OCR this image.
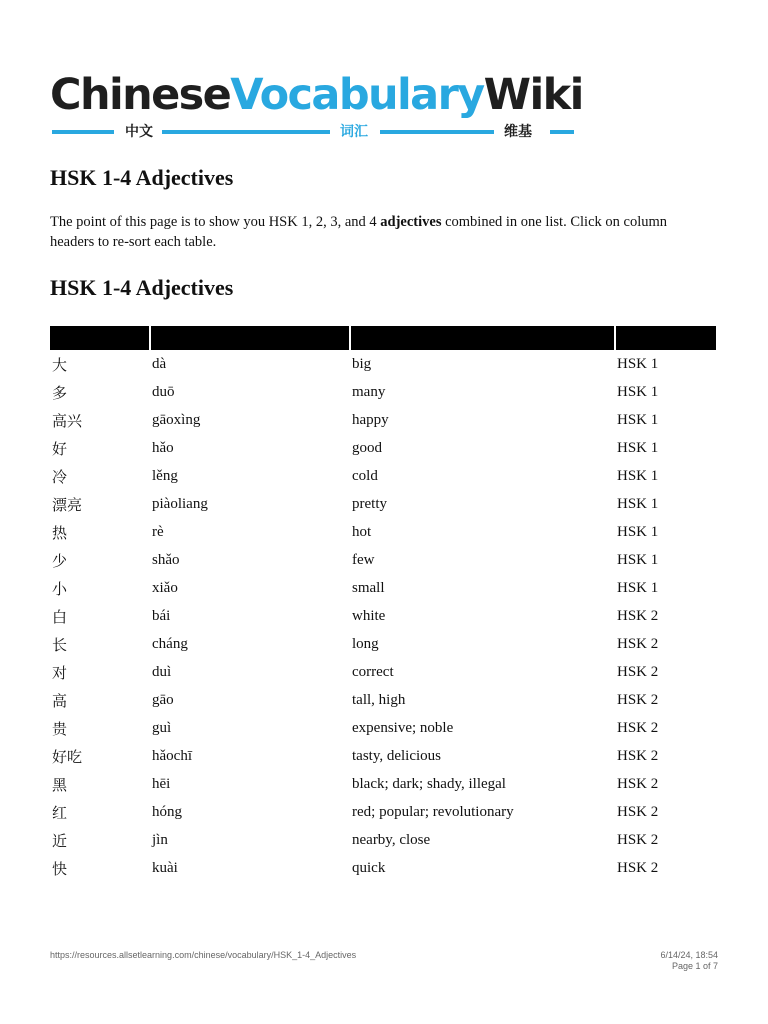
ChineseVocabularyWiki
中文	词汇	维基
HSK 1-4 Adjectives

The point of this page is to show you HSK 1, 2, 3, and 4 adjectives combined in one list. Click on column headers to re-sort each table.

HSK 1-4 Adjectives

大	dà	big	HSK 1
多	duō	many	HSK 1
高兴	gāoxìng	happy	HSK 1
好	hǎo	good	HSK 1
冷	lěng	cold	HSK 1
漂亮	piàoliang	pretty	HSK 1
热	rè	hot	HSK 1
少	shǎo	few	HSK 1
小	xiǎo	small	HSK 1
白	bái	white	HSK 2
长	cháng	long	HSK 2
对	duì	correct	HSK 2
高	gāo	tall, high	HSK 2
贵	guì	expensive; noble	HSK 2
好吃	hǎochī	tasty, delicious	HSK 2
黑	hēi	black; dark; shady, illegal	HSK 2
红	hóng	red; popular; revolutionary	HSK 2
近	jìn	nearby, close	HSK 2
快	kuài	quick	HSK 2
https://resources.allsetlearning.com/chinese/vocabulary/HSK_1-4_Adjectives	6/14/24, 18:54
Page 1 of 7
